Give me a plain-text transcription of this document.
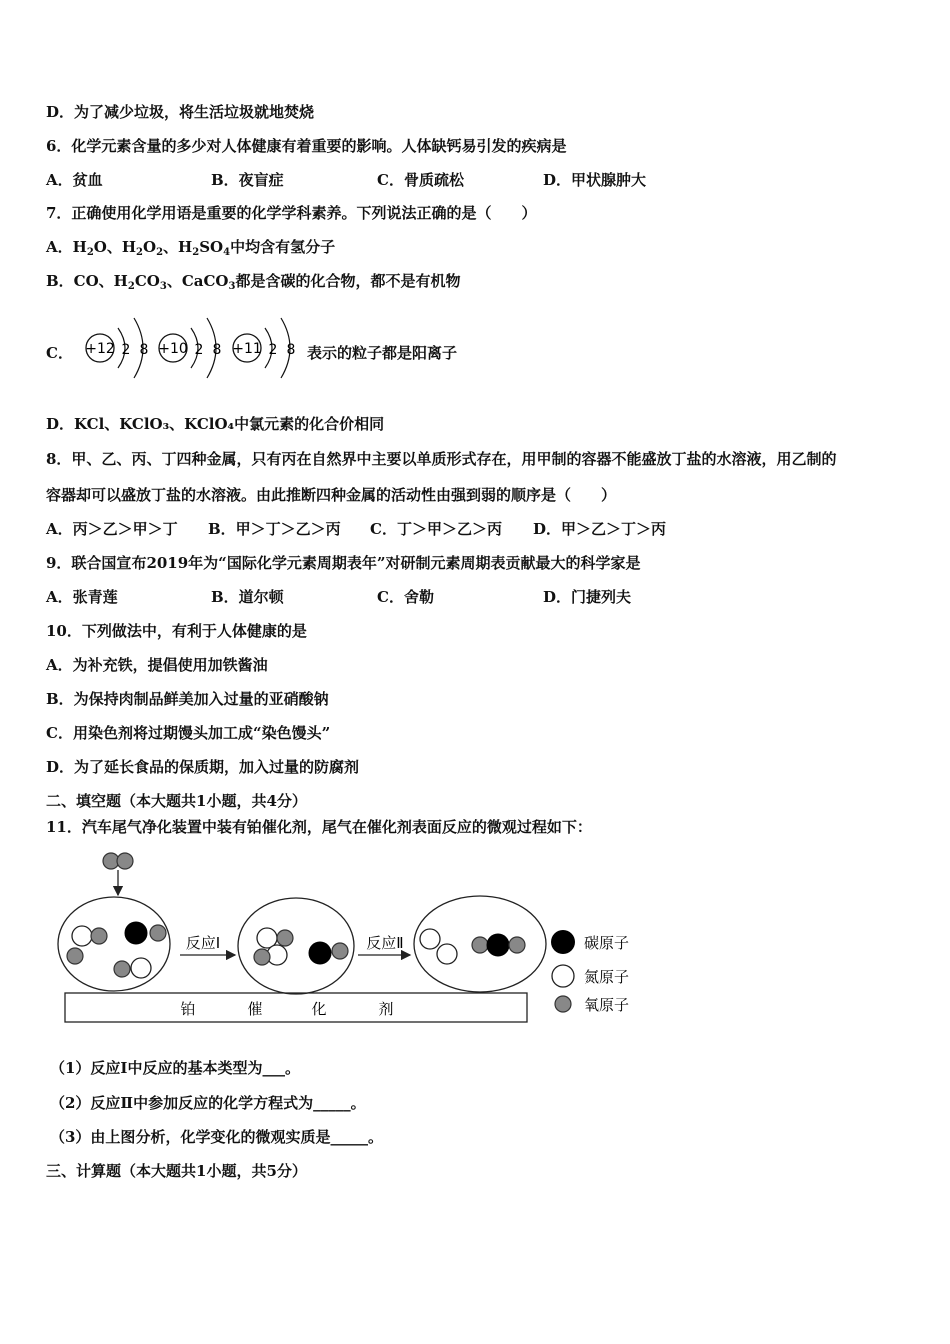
D．为了减少垃圾，将生活垃圾就地焚烧
6．化学元素含量的多少对人体健康有着重要的影响。人体缺钙易引发的疾病是
A．贫血	B．夜盲症	C．骨质疏松	D．甲状腺肿大
7．正确使用化学用语是重要的化学学科素养。下列说法正确的是（　　）
A．$H_2O$、$H_2O_2$、$H_2SO_4$中均含有氢分子
B．CO、$H_2CO_3$、CaCO$_3$都是含碳的化合物，都不是有机物
C． +12 2 8 +10 2 8 +11 2 8 表示的粒子都是阳离子
D．KCl、KClO₃、KClO₄中氯元素的化合价相同
8．甲、乙、丙、丁四种金属，只有丙在自然界中主要以单质形式存在，用甲制的容器不能盛放丁盐的水溶液，用乙制的
容器却可以盛放丁盐的水溶液。由此推断四种金属的活动性由强到弱的顺序是（　　）
A．丙＞乙＞甲＞丁 B．甲＞丁＞乙＞丙 C．丁＞甲＞乙＞丙 D．甲＞乙＞丁＞丙
9．联合国宣布2019年为“国际化学元素周期表年”对研制元素周期表贡献最大的科学家是
A．张青莲	B．道尔顿	C．舍勒	D．门捷列夫
10．下列做法中，有利于人体健康的是
A．为补充铁，提倡使用加铁酱油
B．为保持肉制品鲜美加入过量的亚硝酸钠
C．用染色剂将过期馒头加工成“染色馒头”
D．为了延长食品的保质期，加入过量的防腐剂
二、填空题（本大题共1小题，共4分）
11．汽车尾气净化装置中装有铂催化剂，尾气在催化剂表面反应的微观过程如下：
反应Ⅰ	反应Ⅱ
铂	催	化	剂
碳原子
氮原子
氧原子
（1）反应Ⅰ中反应的基本类型为___。
（2）反应Ⅱ中参加反应的化学方程式为_____。
（3）由上图分析，化学变化的微观实质是_____。
三、计算题（本大题共1小题，共5分）
